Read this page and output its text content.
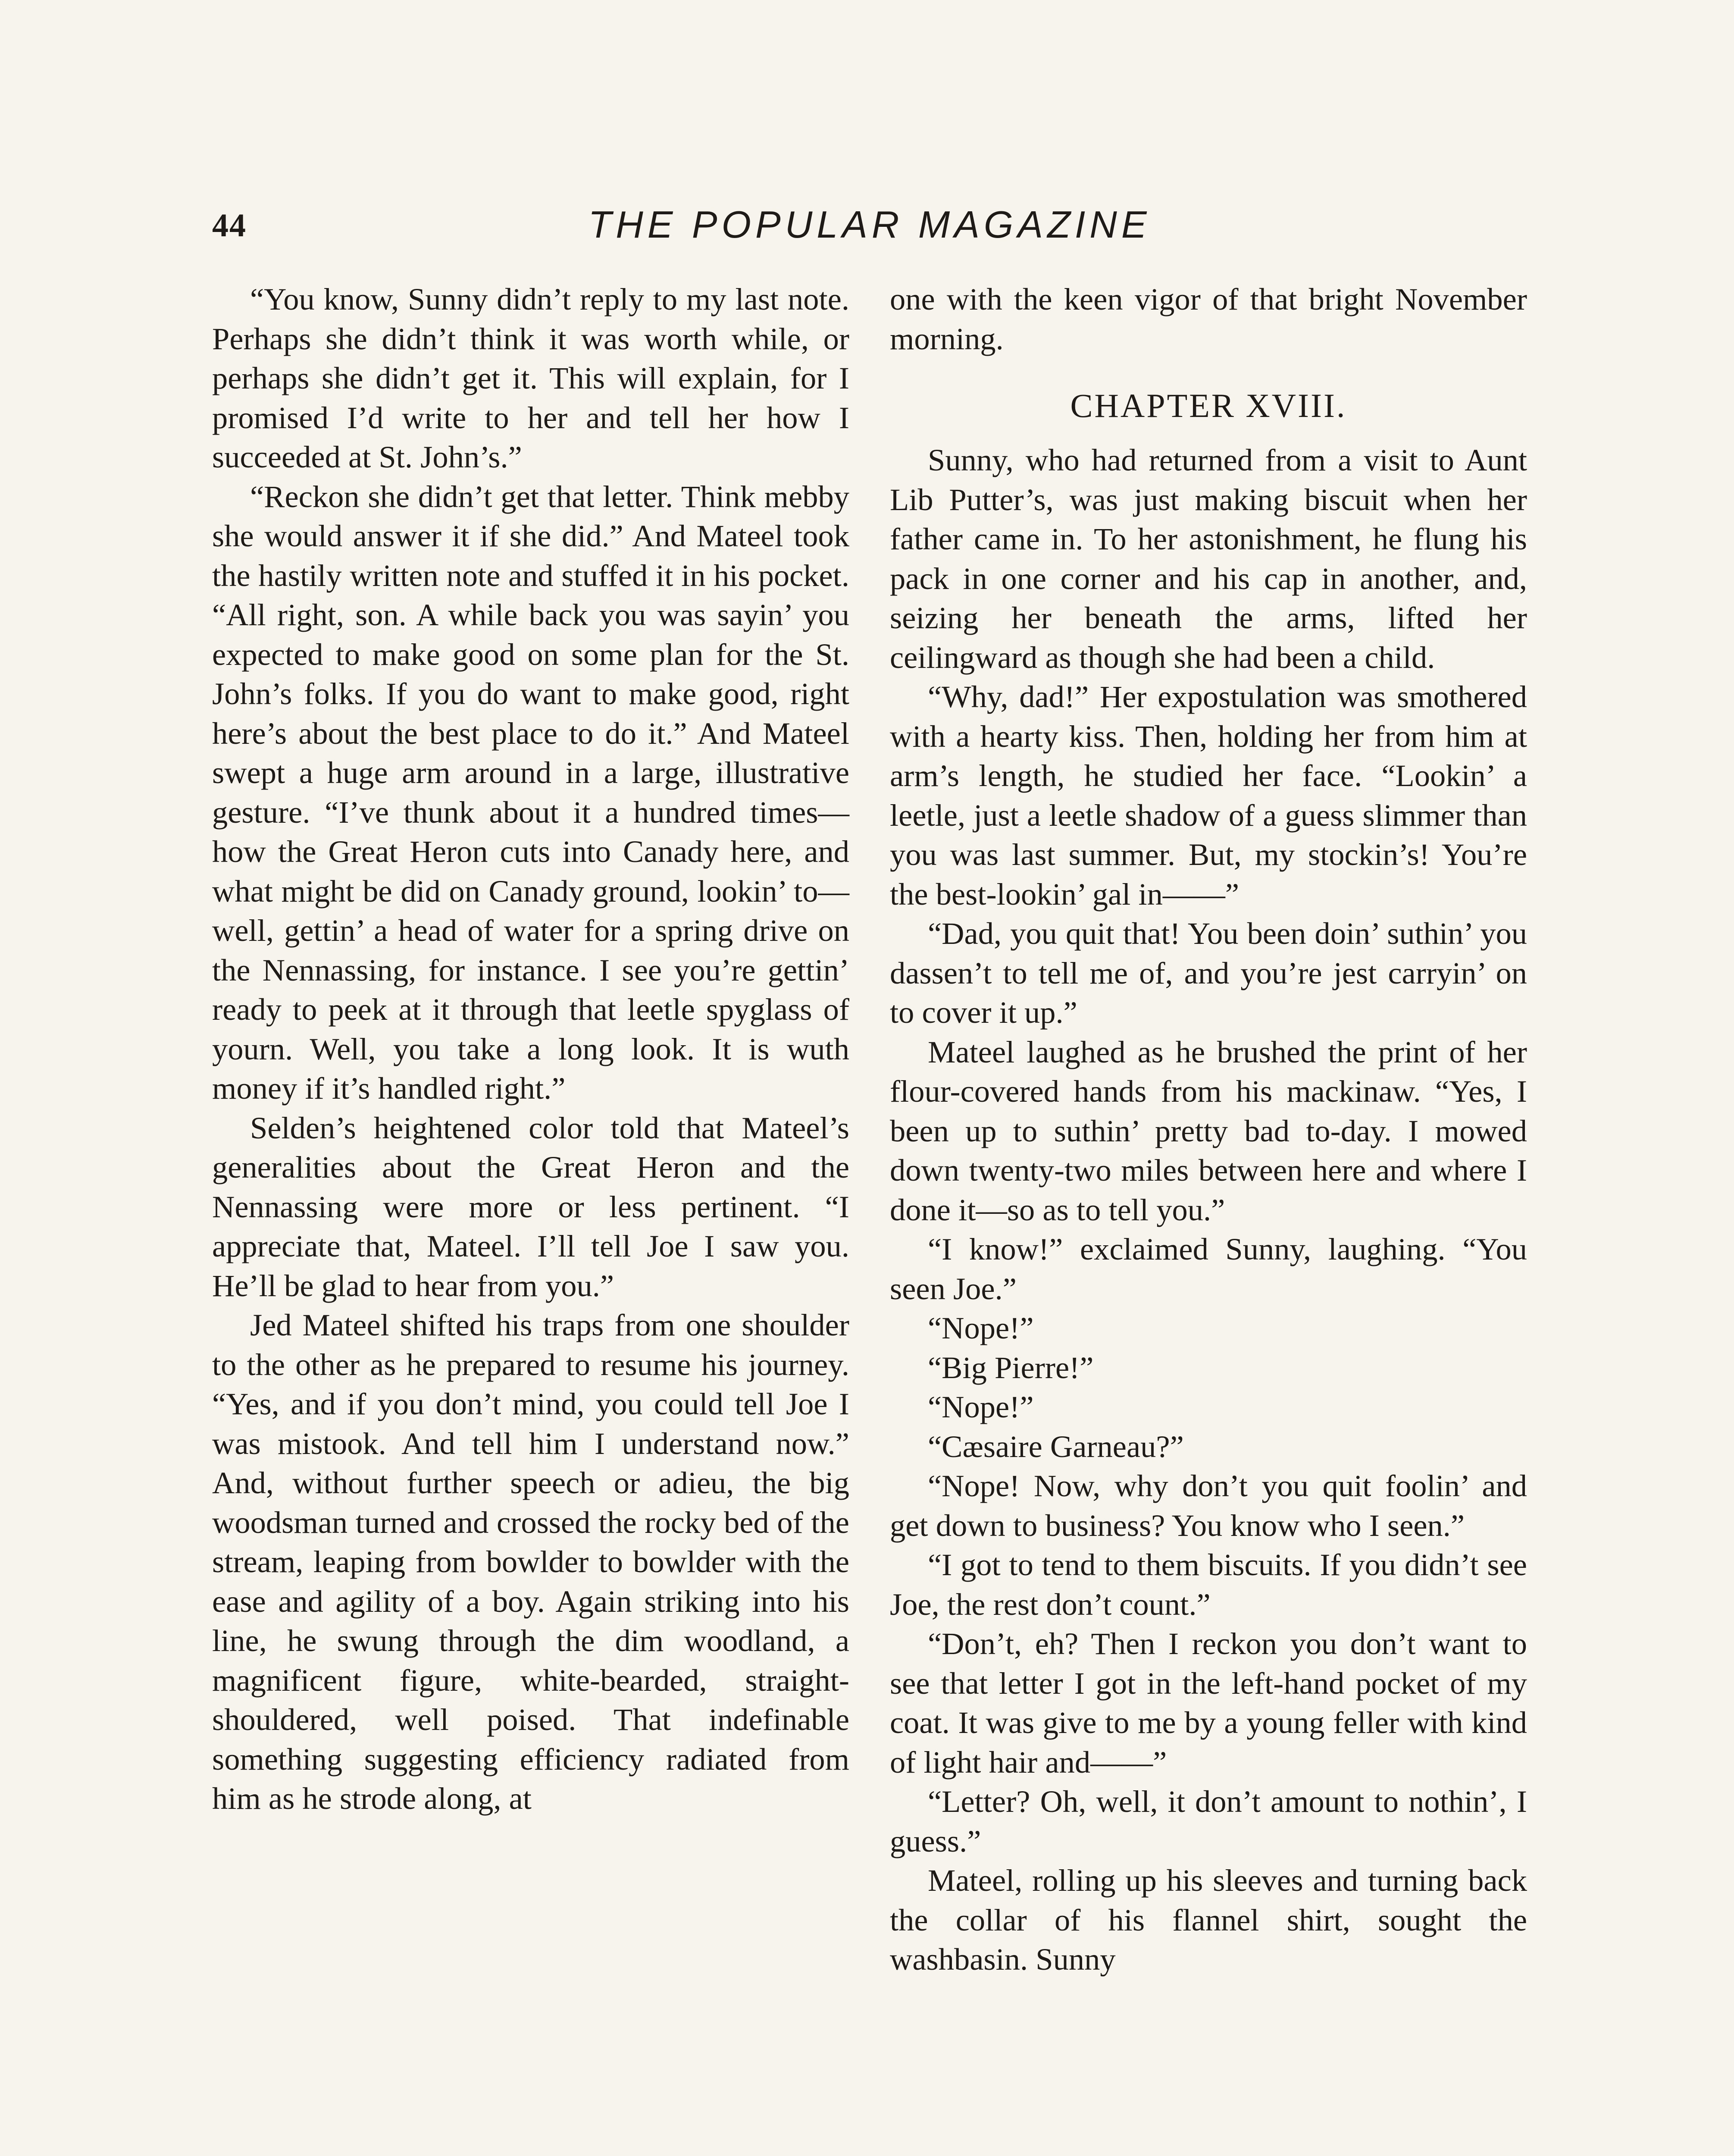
44	THE POPULAR MAGAZINE

“You know, Sunny didn’t reply to my last note. Perhaps she didn’t think it was worth while, or perhaps she didn’t get it. This will explain, for I promised I’d write to her and tell her how I succeeded at St. John’s.”

“Reckon she didn’t get that letter. Think mebby she would answer it if she did.” And Mateel took the hastily written note and stuffed it in his pocket. “All right, son. A while back you was sayin’ you expected to make good on some plan for the St. John’s folks. If you do want to make good, right here’s about the best place to do it.” And Mateel swept a huge arm around in a large, illustrative gesture. “I’ve thunk about it a hundred times—how the Great Heron cuts into Canady here, and what might be did on Canady ground, lookin’ to—well, gettin’ a head of water for a spring drive on the Nennassing, for instance. I see you’re gettin’ ready to peek at it through that leetle spyglass of yourn. Well, you take a long look. It is wuth money if it’s handled right.”

Selden’s heightened color told that Mateel’s generalities about the Great Heron and the Nennassing were more or less pertinent. “I appreciate that, Mateel. I’ll tell Joe I saw you. He’ll be glad to hear from you.”

Jed Mateel shifted his traps from one shoulder to the other as he prepared to resume his journey. “Yes, and if you don’t mind, you could tell Joe I was mistook. And tell him I understand now.” And, without further speech or adieu, the big woodsman turned and crossed the rocky bed of the stream, leaping from bowlder to bowlder with the ease and agility of a boy. Again striking into his line, he swung through the dim woodland, a magnificent figure, white-bearded, straight-shouldered, well poised. That indefinable something suggesting efficiency radiated from him as he strode along, at

one with the keen vigor of that bright November morning.

CHAPTER XVIII.

Sunny, who had returned from a visit to Aunt Lib Putter’s, was just making biscuit when her father came in. To her astonishment, he flung his pack in one corner and his cap in another, and, seizing her beneath the arms, lifted her ceilingward as though she had been a child.

“Why, dad!” Her expostulation was smothered with a hearty kiss. Then, holding her from him at arm’s length, he studied her face. “Lookin’ a leetle, just a leetle shadow of a guess slimmer than you was last summer. But, my stockin’s! You’re the best-lookin’ gal in——”

“Dad, you quit that! You been doin’ suthin’ you dassen’t to tell me of, and you’re jest carryin’ on to cover it up.”

Mateel laughed as he brushed the print of her flour-covered hands from his mackinaw. “Yes, I been up to suthin’ pretty bad to-day. I mowed down twenty-two miles between here and where I done it—so as to tell you.”

“I know!” exclaimed Sunny, laughing. “You seen Joe.”

“Nope!”

“Big Pierre!”

“Nope!”

“Cæsaire Garneau?”

“Nope! Now, why don’t you quit foolin’ and get down to business? You know who I seen.”

“I got to tend to them biscuits. If you didn’t see Joe, the rest don’t count.”

“Don’t, eh? Then I reckon you don’t want to see that letter I got in the left-hand pocket of my coat. It was give to me by a young feller with kind of light hair and——”

“Letter? Oh, well, it don’t amount to nothin’, I guess.”

Mateel, rolling up his sleeves and turning back the collar of his flannel shirt, sought the washbasin. Sunny
